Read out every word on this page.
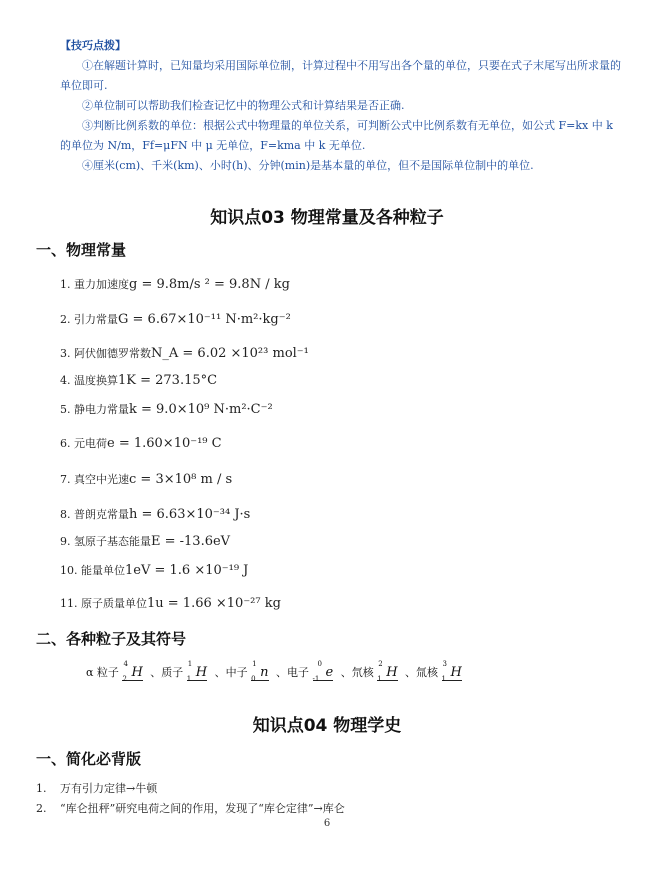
【技巧点拨】

①在解题计算时，已知量均采用国际单位制，计算过程中不用写出各个量的单位，只要在式子末尾写出所求量的单位即可.

②单位制可以帮助我们检查记忆中的物理公式和计算结果是否正确.

③判断比例系数的单位：根据公式中物理量的单位关系，可判断公式中比例系数有无单位，如公式 F=kx 中 k 的单位为 N/m，Ff=μFN 中 μ 无单位，F=kma 中 k 无单位.

④厘米(cm)、千米(km)、小时(h)、分钟(min)是基本量的单位，但不是国际单位制中的单位.

知识点03 物理常量及各种粒子
一、物理常量
1. 重力加速度g = 9.8m/s ² = 9.8N / kg
2. 引力常量G = 6.67×10⁻¹¹ N·m²·kg⁻²
3. 阿伏伽德罗常数N_A = 6.02 ×10²³ mol⁻¹
4. 温度换算1K = 273.15°C
5. 静电力常量k = 9.0×10⁹ N·m²·C⁻²
6. 元电荷e = 1.60×10⁻¹⁹ C
7. 真空中光速c = 3×10⁸ m / s
8. 普朗克常量h = 6.63×10⁻³⁴ J·s
9. 氢原子基态能量E = -13.6eV
10. 能量单位1eV = 1.6 ×10⁻¹⁹ J
11. 原子质量单位1u = 1.66 ×10⁻²⁷ kg
二、各种粒子及其符号
α 粒子
4
2 H 、质子
1
1 H 、中子
1
0 n 、电子
0
-1 e 、氘核
2
1 H 、氚核
3
1 H
知识点04 物理学史
一、简化必背版
1. 万有引力定律→牛顿
2. “库仑扭秤”研究电荷之间的作用，发现了“库仑定律”→库仑
6
